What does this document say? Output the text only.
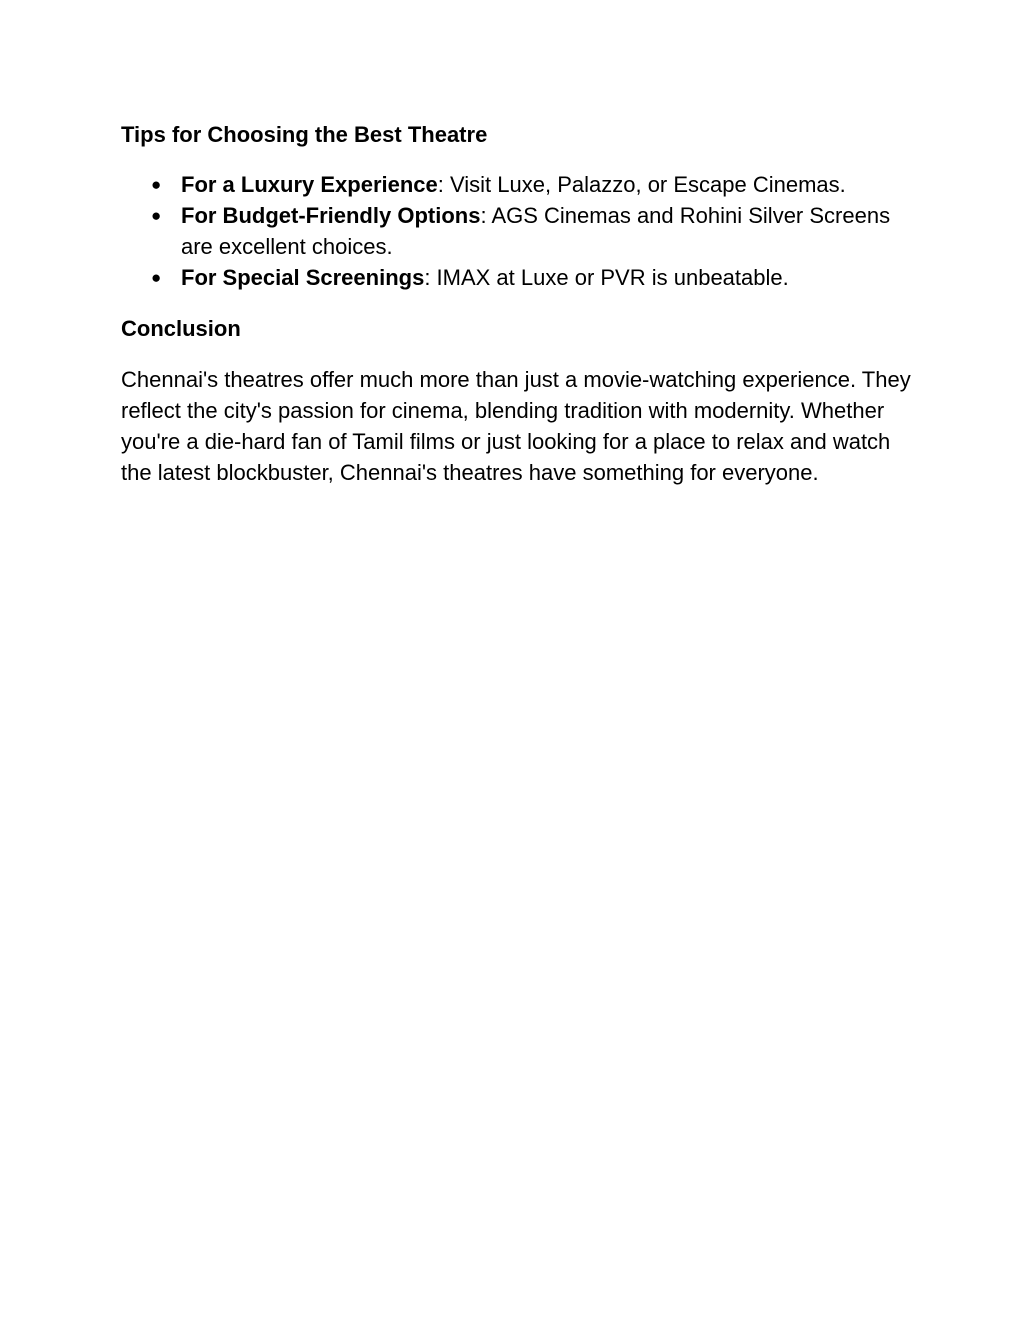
Tips for Choosing the Best Theatre
● For a Luxury Experience: Visit Luxe, Palazzo, or Escape Cinemas.
● For Budget-Friendly Options: AGS Cinemas and Rohini Silver Screens are excellent choices.
● For Special Screenings: IMAX at Luxe or PVR is unbeatable.
Conclusion

Chennai's theatres offer much more than just a movie-watching experience. They reflect the city's passion for cinema, blending tradition with modernity. Whether you're a die-hard fan of Tamil films or just looking for a place to relax and watch the latest blockbuster, Chennai's theatres have something for everyone.
